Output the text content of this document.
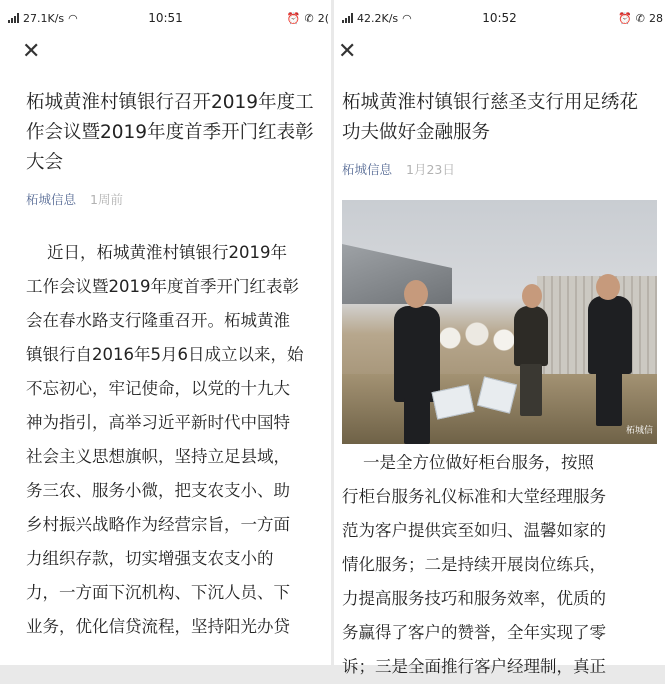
27.1K/s ◠	10:51	⏰ ✆ 2(
✕
柘城黄淮村镇银行召开2019年度工
作会议暨2019年度首季开门红表彰
大会
柘城信息 1周前
近日，柘城黄淮村镇银行2019年
工作会议暨2019年度首季开门红表彰
会在春水路支行隆重召开。柘城黄淮
镇银行自2016年5月6日成立以来，始
不忘初心，牢记使命，以党的十九大
神为指引，高举习近平新时代中国特
社会主义思想旗帜，坚持立足县域，
务三农、服务小微，把支农支小、助
乡村振兴战略作为经营宗旨，一方面
力组织存款，切实增强支农支小的
力，一方面下沉机构、下沉人员、下
业务，优化信贷流程，坚持阳光办贷
42.2K/s ◠	10:52	⏰ ✆ 28
✕
柘城黄淮村镇银行慈圣支行用足绣花
功夫做好金融服务
柘城信息 1月23日
柘城信
一是全方位做好柜台服务，按照
行柜台服务礼仪标准和大堂经理服务
范为客户提供宾至如归、温馨如家的
情化服务；二是持续开展岗位练兵，
力提高服务技巧和服务效率，优质的
务赢得了客户的赞誉，全年实现了零
诉；三是全面推行客户经理制，真正
